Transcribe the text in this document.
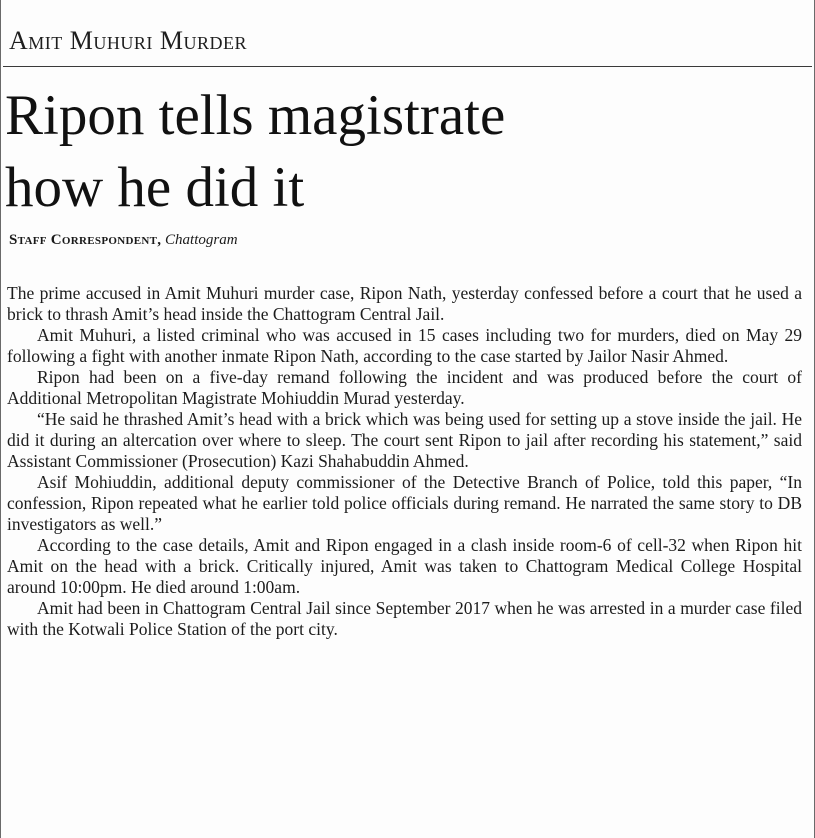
Amit Muhuri Murder
Ripon tells magistrate
how he did it
Staff Correspondent, Chattogram

The prime accused in Amit Muhuri murder case, Ripon Nath, yesterday confessed before a court that he used a brick to thrash Amit’s head inside the Chattogram Central Jail.

Amit Muhuri, a listed criminal who was accused in 15 cases including two for murders, died on May 29 following a fight with another inmate Ripon Nath, according to the case started by Jailor Nasir Ahmed.

Ripon had been on a five-day remand following the incident and was produced before the court of Additional Metropolitan Magistrate Mohiuddin Murad yesterday.

“He said he thrashed Amit’s head with a brick which was being used for setting up a stove inside the jail. He did it during an altercation over where to sleep. The court sent Ripon to jail after recording his statement,” said Assistant Commissioner (Prosecution) Kazi Shahabuddin Ahmed.

Asif Mohiuddin, additional deputy commissioner of the Detective Branch of Police, told this paper, “In confession, Ripon repeated what he earlier told police officials during remand. He narrated the same story to DB investigators as well.”

According to the case details, Amit and Ripon engaged in a clash inside room-6 of cell-32 when Ripon hit Amit on the head with a brick. Critically injured, Amit was taken to Chattogram Medical College Hospital around 10:00pm. He died around 1:00am.

Amit had been in Chattogram Central Jail since September 2017 when he was arrested in a murder case filed with the Kotwali Police Station of the port city.
